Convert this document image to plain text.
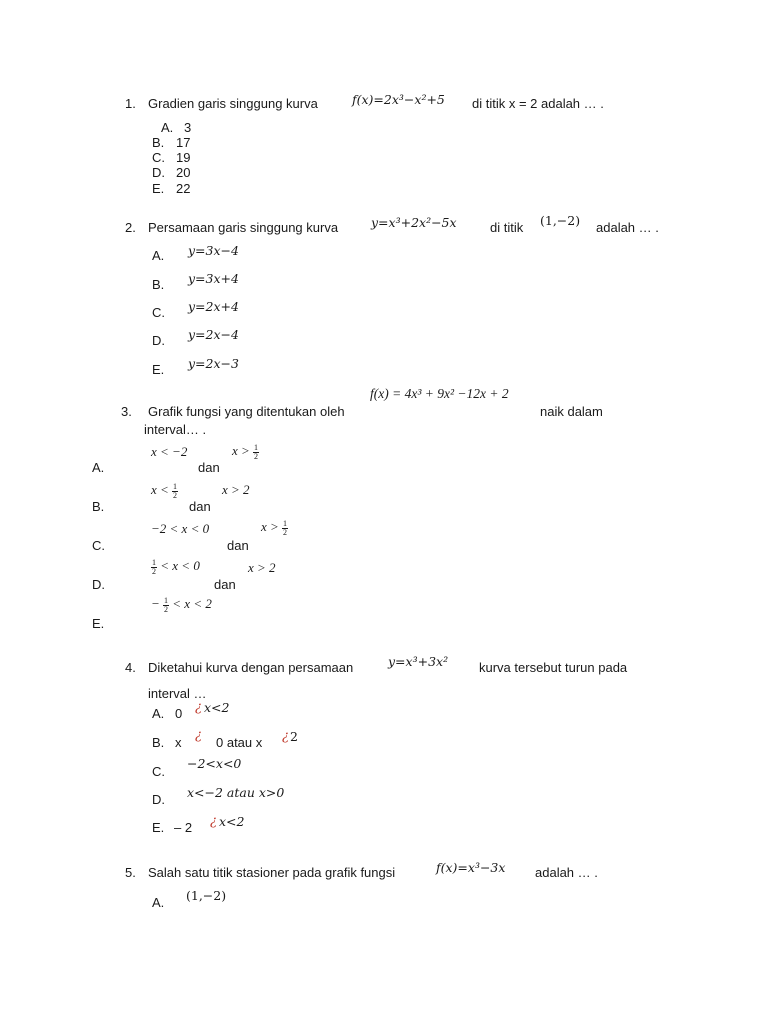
1. Gradien garis singgung kurva	f(x)=2x³−x²+5 di titik x = 2 adalah … .
A. 3
B. 17
C. 19
D. 20
E. 22
2. Persamaan garis singgung kurva	y=x³+2x²−5x	di titik (1,−2) adalah … .
A. y=3x−4
B. y=3x+4
C. y=2x+4
D. y=2x−4
E. y=2x−3
f(x) = 4x³ + 9x² −12x + 2
3. Grafik fungsi yang ditentukan oleh	naik dalam
interval… .
A.
x < −2
dan
$x > \frac{1}{2}$
B.
$x < \frac{1}{2}$
dan
x > 2
C.
−2 < x < 0
dan
$x > \frac{1}{2}$
D.
$\frac{1}{2} < x < 0$
dan
x > 2
E.
− $\frac{1}{2} < x < 2$
4. Diketahui kurva dengan persamaan	y=x³+3x² kurva tersebut turun pada
interval …
A. 0 ¿ x<2
B. x ¿ 0 atau x ¿ 2
C.
−2<x<0
D. x<−2 atau x>0
E. – 2 ¿ x<2
5. Salah satu titik stasioner pada grafik fungsi	f(x)=x³−3x adalah … .
A. (1,−2)
